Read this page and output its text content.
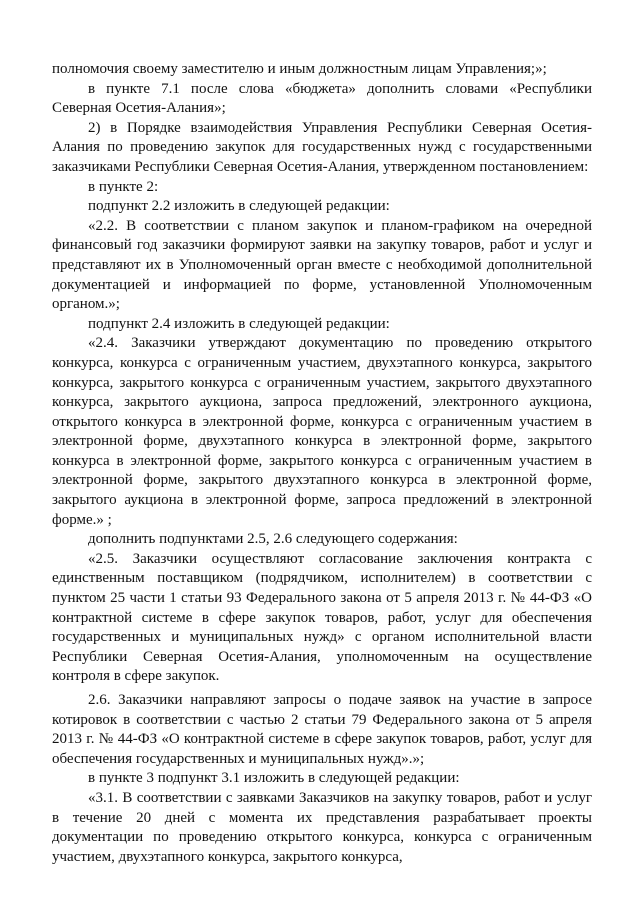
полномочия своему заместителю и иным должностным лицам Управления;»;

в пункте 7.1 после слова «бюджета» дополнить словами «Республики Северная Осетия-Алания»;

2) в Порядке взаимодействия Управления Республики Северная Осетия-Алания по проведению закупок для государственных нужд с государственными заказчиками Республики Северная Осетия-Алания, утвержденном постановлением:

в пункте 2:

подпункт 2.2 изложить в следующей редакции:

«2.2. В соответствии с планом закупок и планом-графиком на очередной финансовый год заказчики формируют заявки на закупку товаров, работ и услуг и представляют их в Уполномоченный орган вместе с необходимой дополнительной документацией и информацией по форме, установленной Уполномоченным органом.»;

подпункт 2.4 изложить в следующей редакции:

«2.4. Заказчики утверждают документацию по проведению открытого конкурса, конкурса с ограниченным участием, двухэтапного конкурса, закрытого конкурса, закрытого конкурса с ограниченным участием, закрытого двухэтапного конкурса, закрытого аукциона, запроса предложений, электронного аукциона, открытого конкурса в электронной форме, конкурса с ограниченным участием в электронной форме, двухэтапного конкурса в электронной форме, закрытого конкурса в электронной форме, закрытого конкурса с ограниченным участием в электронной форме, закрытого двухэтапного конкурса в электронной форме, закрытого аукциона в электронной форме, запроса предложений в электронной форме.» ;

дополнить подпунктами 2.5, 2.6 следующего содержания:

«2.5. Заказчики осуществляют согласование заключения контракта с единственным поставщиком (подрядчиком, исполнителем) в соответствии с пунктом 25 части 1 статьи 93 Федерального закона от 5 апреля 2013 г. № 44-ФЗ «О контрактной системе в сфере закупок товаров, работ, услуг для обеспечения государственных и муниципальных нужд» с органом исполнительной власти Республики Северная Осетия-Алания, уполномоченным на осуществление контроля в сфере закупок.

2.6. Заказчики направляют запросы о подаче заявок на участие в запросе котировок в соответствии с частью 2 статьи 79 Федерального закона от 5 апреля 2013 г. № 44-ФЗ «О контрактной системе в сфере закупок товаров, работ, услуг для обеспечения государственных и муниципальных нужд».»;

в пункте 3 подпункт 3.1 изложить в следующей редакции:

«3.1. В соответствии с заявками Заказчиков на закупку товаров, работ и услуг в течение 20 дней с момента их представления разрабатывает проекты документации по проведению открытого конкурса, конкурса с ограниченным участием, двухэтапного конкурса, закрытого конкурса,
